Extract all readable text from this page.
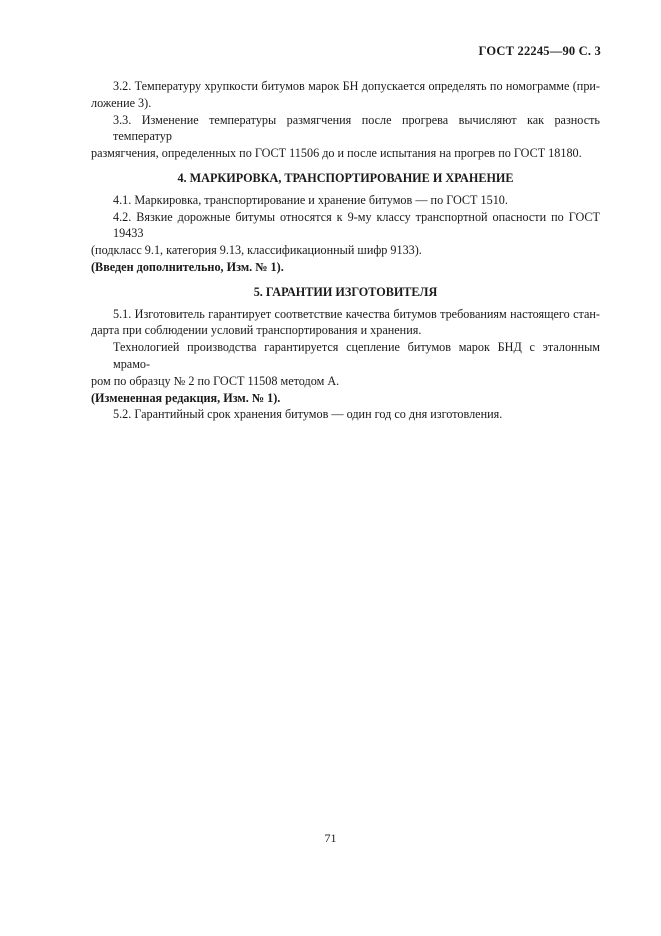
ГОСТ 22245—90 С. 3
3.2. Температуру хрупкости битумов марок БН допускается определять по номограмме (при-
ложение 3).
3.3. Изменение температуры размягчения после прогрева вычисляют как разность температур
размягчения, определенных по ГОСТ 11506 до и после испытания на прогрев по ГОСТ 18180.
4. МАРКИРОВКА, ТРАНСПОРТИРОВАНИЕ И ХРАНЕНИЕ
4.1. Маркировка, транспортирование и хранение битумов — по ГОСТ 1510.
4.2. Вязкие дорожные битумы относятся к 9-му классу транспортной опасности по ГОСТ 19433
(подкласс 9.1, категория 9.13, классификационный шифр 9133).
(Введен дополнительно, Изм. № 1).
5. ГАРАНТИИ ИЗГОТОВИТЕЛЯ
5.1. Изготовитель гарантирует соответствие качества битумов требованиям настоящего стан-
дарта при соблюдении условий транспортирования и хранения.
Технологией производства гарантируется сцепление битумов марок БНД с эталонным мрамо-
ром по образцу № 2 по ГОСТ 11508 методом А.
(Измененная редакция, Изм. № 1).
5.2. Гарантийный срок хранения битумов — один год со дня изготовления.
71
